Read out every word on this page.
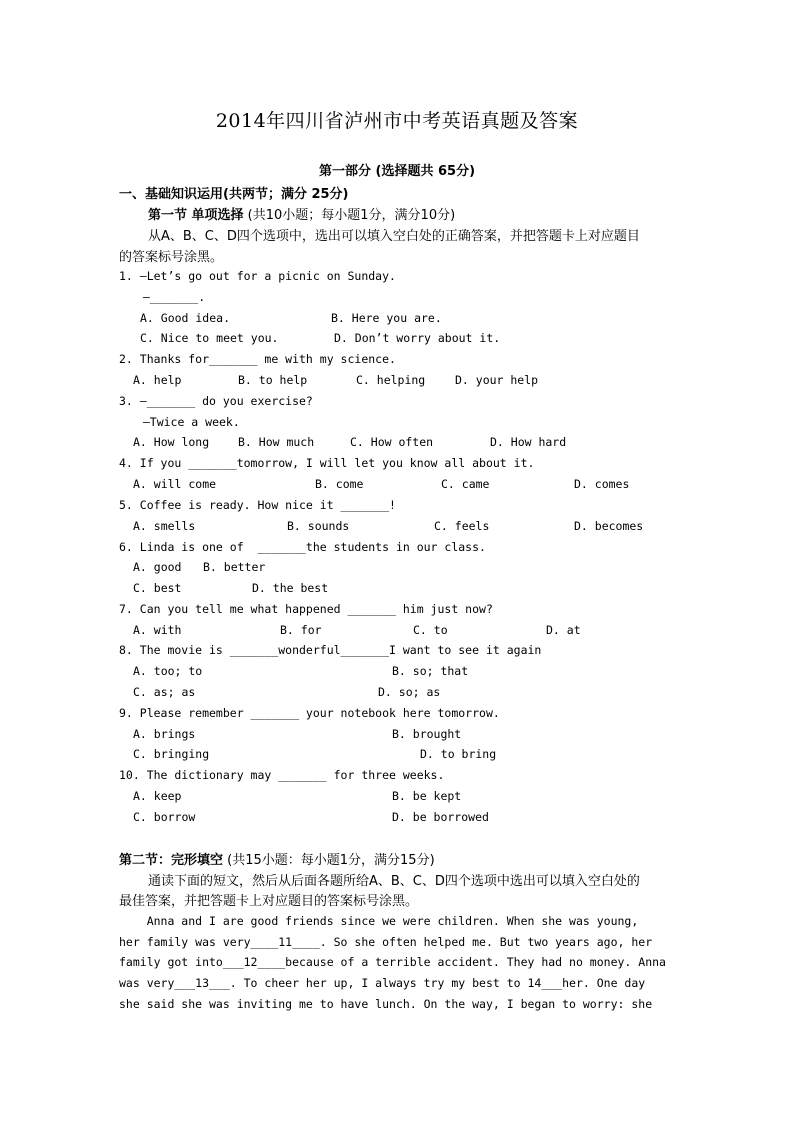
2014年四川省泸州市中考英语真题及答案
第一部分 (选择题共 65分)
一、基础知识运用(共两节；满分 25分)
第一节 单项选择 (共10小题；每小题1分，满分10分)
从A、B、C、D四个选项中，选出可以填入空白处的正确答案，并把答题卡上对应题目
的答案标号涂黑。
1. —Let’s go out for a picnic on Sunday.
—_______.
A. Good idea.	B. Here you are.
C. Nice to meet you.	D. Don’t worry about it.
2. Thanks for_______ me with my science.
A. help	B. to help	C. helping	D. your help
3. —_______ do you exercise?
—Twice a week.
A. How long	B. How much	C. How often	D. How hard
4. If you _______tomorrow, I will let you know all about it.
A. will come	B. come	C. came	D. comes
5. Coffee is ready. How nice it _______!
A. smells	B. sounds	C. feels	D. becomes
6. Linda is one of  _______the students in our class.
A. good B. better
C. best	D. the best
7. Can you tell me what happened _______ him just now?
A. with	B. for	C. to	D. at
8. The movie is _______wonderful_______I want to see it again
A. too; to	B. so; that
C. as; as	D. so; as
9. Please remember _______ your notebook here tomorrow.
A. brings	B. brought
C. bringing	D. to bring
10. The dictionary may _______ for three weeks.
A. keep	B. be kept
C. borrow	D. be borrowed
第二节：完形填空 (共15小题：每小题1分，满分15分)
通读下面的短文，然后从后面各题所给A、B、C、D四个选项中选出可以填入空白处的
最佳答案，并把答题卡上对应题目的答案标号涂黑。
Anna and I are good friends since we were children. When she was young,
her family was very____11____. So she often helped me. But two years ago, her
family got into___12____because of a terrible accident. They had no money. Anna
was very___13___. To cheer her up, I always try my best to 14___her. One day
she said she was inviting me to have lunch. On the way, I began to worry: she
